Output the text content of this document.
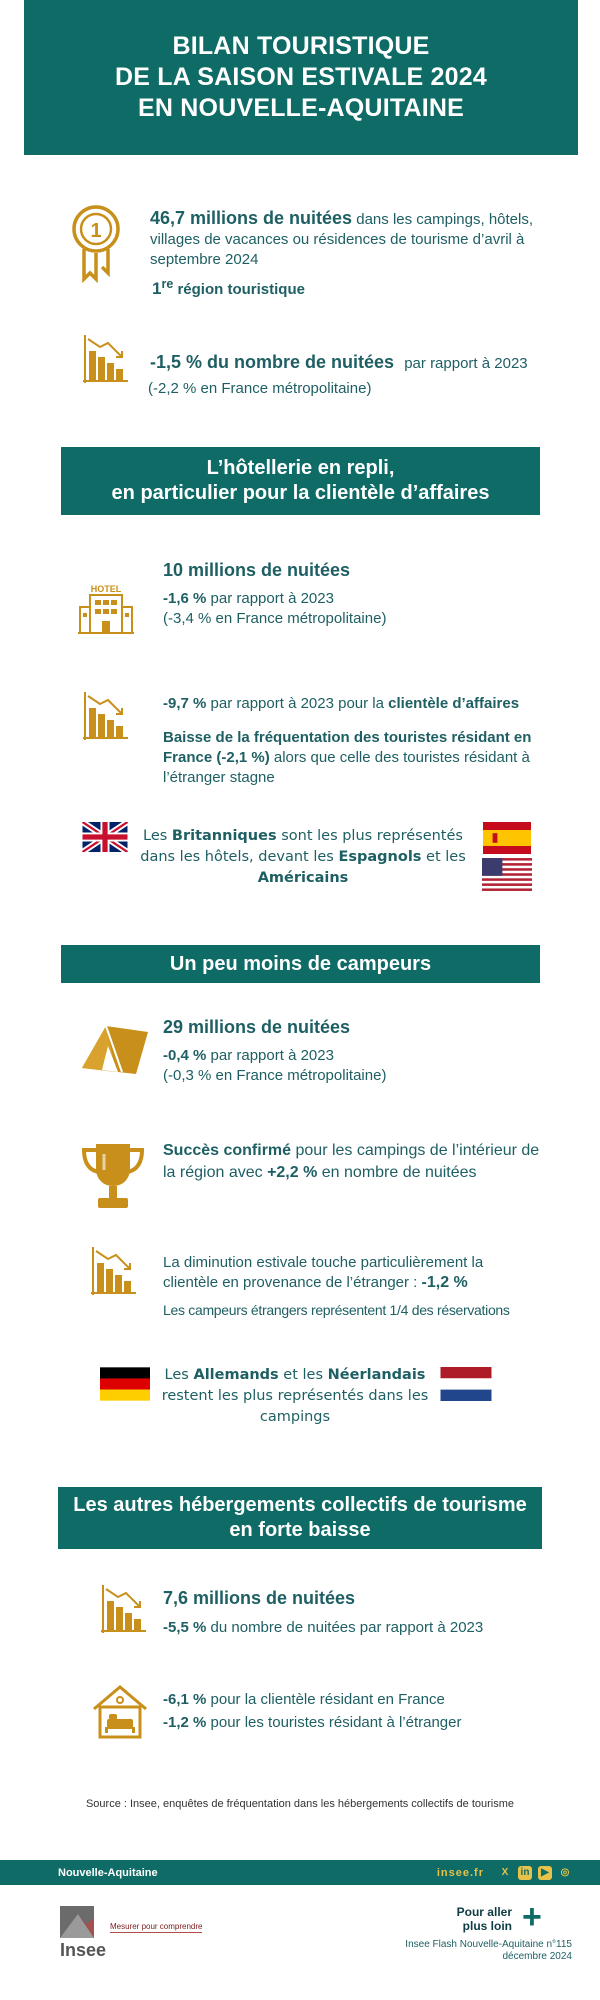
BILAN TOURISTIQUE
DE LA SAISON ESTIVALE 2024
EN NOUVELLE-AQUITAINE
1
46,7 millions de nuitées dans les campings, hôtels, villages de vacances ou résidences de tourisme d’avril à septembre 2024
1re région touristique
-1,5 % du nombre de nuitées par rapport à 2023
(-2,2 % en France métropolitaine)
L’hôtellerie en repli,
en particulier pour la clientèle d’affaires
HOTEL
10 millions de nuitées
-1,6 % par rapport à 2023
(-3,4 % en France métropolitaine)
-9,7 % par rapport à 2023 pour la clientèle d’affaires
Baisse de la fréquentation des touristes résidant en France (-2,1 %) alors que celle des touristes résidant à l’étranger stagne
Les Britanniques sont les plus représentés dans les hôtels, devant les Espagnols et les Américains
Un peu moins de campeurs
29 millions de nuitées
-0,4 % par rapport à 2023
(-0,3 % en France métropolitaine)
Succès confirmé pour les campings de l’intérieur de la région avec +2,2 % en nombre de nuitées
La diminution estivale touche particulièrement la clientèle en provenance de l’étranger : -1,2 %
Les campeurs étrangers représentent 1/4 des réservations
Les Allemands et les Néerlandais restent les plus représentés dans les campings
Les autres hébergements collectifs de tourisme
en forte baisse
7,6 millions de nuitées
-5,5 % du nombre de nuitées par rapport à 2023
-6,1 % pour la clientèle résidant en France
-1,2 % pour les touristes résidant à l’étranger
Source : Insee, enquêtes de fréquentation dans les hébergements collectifs de tourisme
Nouvelle-Aquitaine	insee.fr	X	in	▶	◎
Insee
Mesurer pour comprendre
Pour aller
plus loin +
Insee Flash Nouvelle-Aquitaine n°115
décembre 2024
